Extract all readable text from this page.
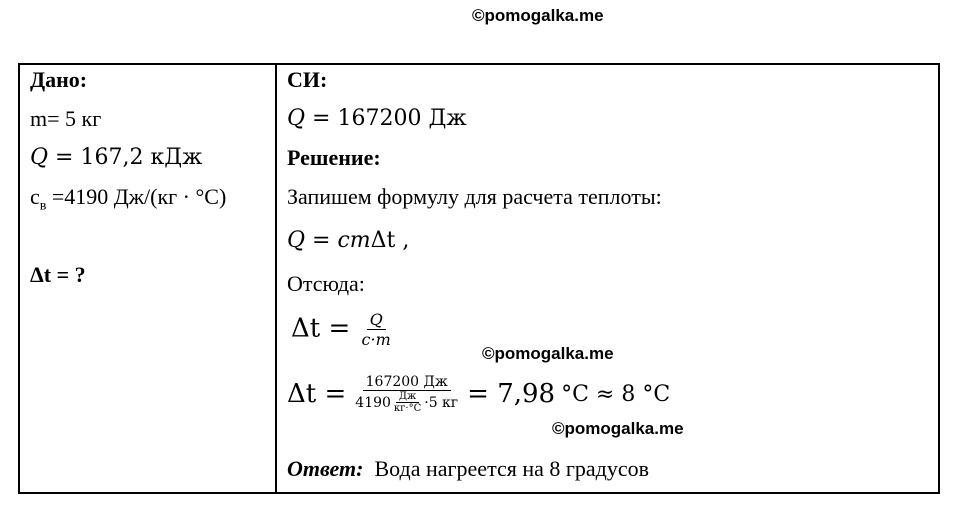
©pomogalka.me
©pomogalka.me
©pomogalka.me
Дано:
m= 5 кг
Q = 167,2 кДж
$с_в =4190$ Дж/(кг · °С)
Δt = ?
СИ:
Q = 167200 Дж
Решение:
Запишем формулу для расчета теплоты:
Q = cmΔt ,
Отсюда:
$\Delta t = \frac{Q}{c\cdot m}$
$\Delta t = \frac{167200 Дж}{4190 \frac{Дж}{кг\cdot^\circ С} \cdot 5 кг} = 7,98$ °С ≈ 8 °С
Ответ: Вода нагреется на 8 градусов
